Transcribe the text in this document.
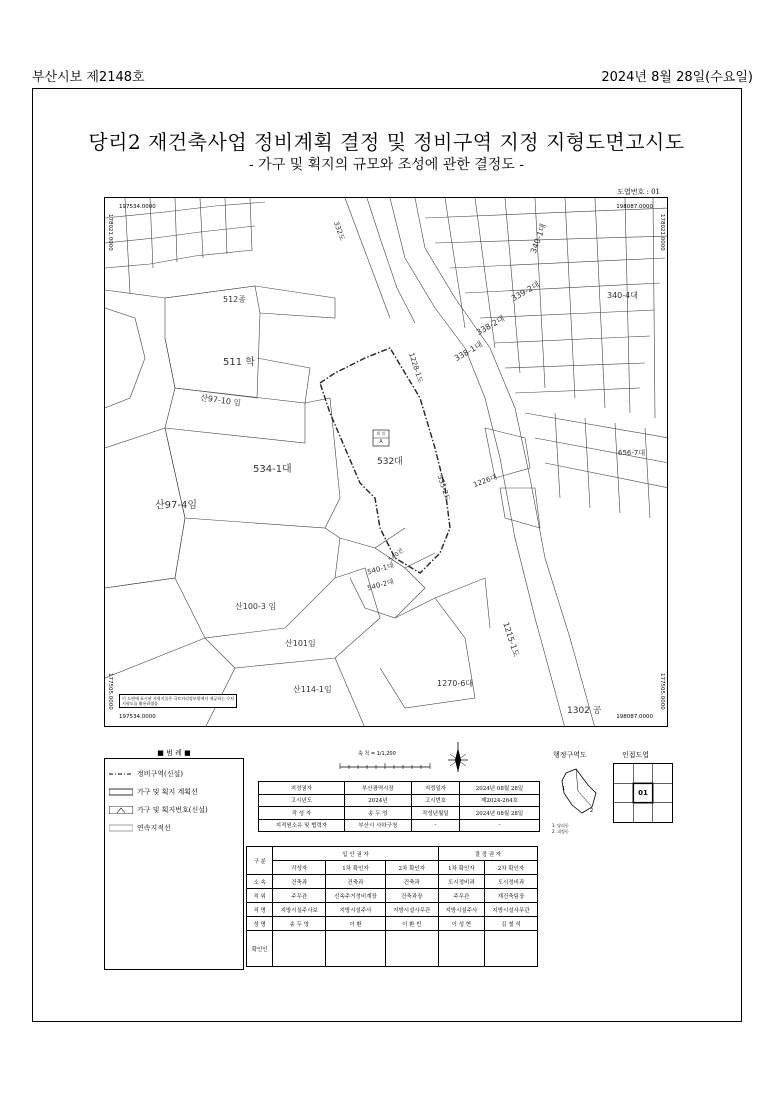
부산시보 제2148호	2024년 8월 28일(수요일)
당리2 재건축사업 정비계획 결정 및 정비구역 지정 지형도면고시도
- 가구 및 획지의 규모와 조성에 관한 결정도 -
도엽번호 : 01
197534.0000	198087.0000
197534.0000	198087.0000
178021.0000	178021.0000
177505.0000	177505.0000
512종
511 학
산97-10 임
534-1대
532대
산97-4임
산100-3 임
산101임
산114-1임
1270-6대
1302 공
1215-1도
535-2도
1228-1도
1226대
656-7대
340-1대
340-4대
339-2대
338-2대
338-1대
540-1대
540-2대
332도
540전
획 블
A
이 도면에 표시된 지형지물은 국토지리정보원에서 제공하는 수치지형도를 활용하였음
■ 범 례 ■
정비구역(신설)
가구 및 획지 계획선
가구 및 획지번호(신설)
연속지적선
축 척 = 1/1,200
지정권자	부산광역시장	지정일자	2024년 08월 28일
고시년도	2024년	고시번호	제2024-264호
작 성 자	송 두 영	작성년월일	2024년 08월 28일
지적원소유 및 협력자	부산시 사하구청	-	-
구 분	입 안 권 자			결 정 권 자	
	작성자	1차 확인자	2차 확인자	1차 확인자	2차 확인자
소 속	건축과	건축과	건축과	도시정비과	도시정비과
직 위	주무관	신속주거정비계장	건축과장	주무관	재건축팀장
직 명	지방시설주사보	지방시설주사	지방시설사무관	지방시설주사	지방시설사무관
성 명	송 두 영	이 환	이 환 빈	이 성 현	김 철 석
확인인					
행정구역도
1
2
1. 당리동
2. 괴정동
인접도엽
01
